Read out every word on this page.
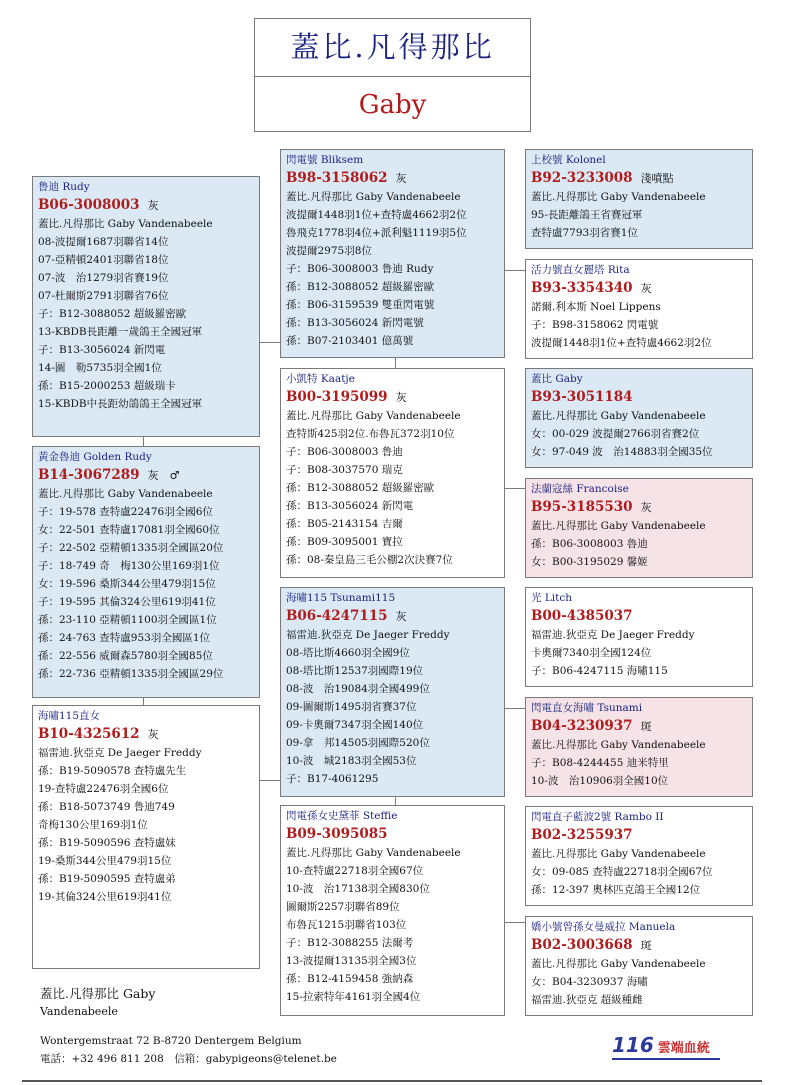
蓋比.凡得那比
Gaby
鲁迪 Rudy
B06-3008003 灰
蓋比.凡得那比 Gaby Vandenabeele
08-波提爾1687羽聯省14位
07-亞精頓2401羽聯省18位
07-波　治1279羽省賽19位
07-杜爾斯2791羽聯省76位
子：B12-3088052 超級羅密歐
13-KBDB長距離一歲鴿王全國冠軍
子：B13-3056024 新閃電
14-圖　勒5735羽全國1位
孫：B15-2000253 超級瑞卡
15-KBDB中長距幼鴿鴿王全國冠軍
黃金魯迪 Golden Rudy
B14-3067289 灰　♂
蓋比.凡得那比 Gaby Vandenabeele
子：19-578 查特盧22476羽全國6位
女：22-501 查特盧17081羽全國60位
子：22-502 亞精頓1335羽全國區20位
子：18-749 奇　梅130公里169羽1位
女：19-596 桑斯344公里479羽15位
子：19-595 其倫324公里619羽41位
孫：23-110 亞精頓1100羽全國區1位
孫：24-763 查特盧953羽全國區1位
孫：22-556 威爾森5780羽全國85位
孫：22-736 亞精頓1335羽全國區29位
海嘯115直女
B10-4325612 灰
福雷迪.狄亞克 De Jaeger Freddy
孫：B19-5090578 查特盧先生
19-查特盧22476羽全國6位
孫：B18-5073749 鲁迪749
奇梅130公里169羽1位
孫：B19-5090596 查特盧妹
19-桑斯344公里479羽15位
孫：B19-5090595 查特盧弟
19-其倫324公里619羽41位
閃電號 Bliksem
B98-3158062 灰
蓋比.凡得那比 Gaby Vandenabeele
波提爾1448羽1位+查特盧4662羽2位
魯飛克1778羽4位+派利魁1119羽5位
波提爾2975羽8位
子：B06-3008003 鲁迪 Rudy
孫：B12-3088052 超級羅密歐
孫：B06-3159539 雙重閃電號
孫：B13-3056024 新閃電號
孫：B07-2103401 億萬號
小凱特 Kaatje
B00-3195099 灰
蓋比.凡得那比 Gaby Vandenabeele
查特斯425羽2位.布魯瓦372羽10位
子：B06-3008003 鲁迪
子：B08-3037570 瑞克
孫：B12-3088052 超級羅密歐
孫：B13-3056024 新閃電
孫：B05-2143154 吉爾
孫：B09-3095001 寶拉
孫：08-秦皇島三毛公棚2次決賽7位
海嘯115 Tsunami115
B06-4247115 灰
福雷迪.狄亞克 De Jaeger Freddy
08-塔比斯4660羽全國9位
08-塔比斯12537羽國際19位
08-波　治19084羽全國499位
09-圖爾斯1495羽省賽37位
09-卡奧爾7347羽全國140位
09-拿　邦14505羽國際520位
10-波　城2183羽全國53位
子：B17-4061295
閃電孫女史黛菲 Steffie
B09-3095085
蓋比.凡得那比 Gaby Vandenabeele
10-查特盧22718羽全國67位
10-波　治17138羽全國830位
圖爾斯2257羽聯省89位
布魯瓦1215羽聯省103位
子：B12-3088255 法爾考
13-波提爾13135羽全國3位
孫：B12-4159458 強納森
15-拉索特年4161羽全國4位
上校號 Kolonel
B92-3233008 淺噴點
蓋比.凡得那比 Gaby Vandenabeele
95-長距離鴿王省賽冠軍
查特盧7793羽省賽1位
活力號直女麗塔 Rita
B93-3354340 灰
諾爾.利本斯 Noel Lippens
子：B98-3158062 閃電號
波提爾1448羽1位+查特盧4662羽2位
蓋比 Gaby
B93-3051184
蓋比.凡得那比 Gaby Vandenabeele
女：00-029 波提爾2766羽省賽2位
女：97-049 波　治14883羽全國35位
法蘭寇絲 Francoise
B95-3185530 灰
蓋比.凡得那比 Gaby Vandenabeele
孫：B06-3008003 魯迪
女：B00-3195029 馨姬
光 Litch
B00-4385037
福雷迪.狄亞克 De Jaeger Freddy
卡奧爾7340羽全國124位
子：B06-4247115 海嘯115
閃電直女海嘯 Tsunami
B04-3230937 斑
蓋比.凡得那比 Gaby Vandenabeele
子：B08-4244455 迪米特里
10-波　治10906羽全國10位
閃電直子藍波2號 Rambo II
B02-3255937
蓋比.凡得那比 Gaby Vandenabeele
女：09-085 查特盧22718羽全國67位
孫：12-397 奧林匹克鴿王全國12位
嬌小號曾孫女曼威拉 Manuela
B02-3003668 斑
蓋比.凡得那比 Gaby Vandenabeele
女：B04-3230937 海嘯
福雷迪.狄亞克 超級種雌
蓋比.凡得那比 Gaby
Vandenabeele
Wontergemstraat 72 B-8720 Dentergem Belgium
電話：+32 496 811 208　信箱：gabypigeons@telenet.be
116 雲端血統
